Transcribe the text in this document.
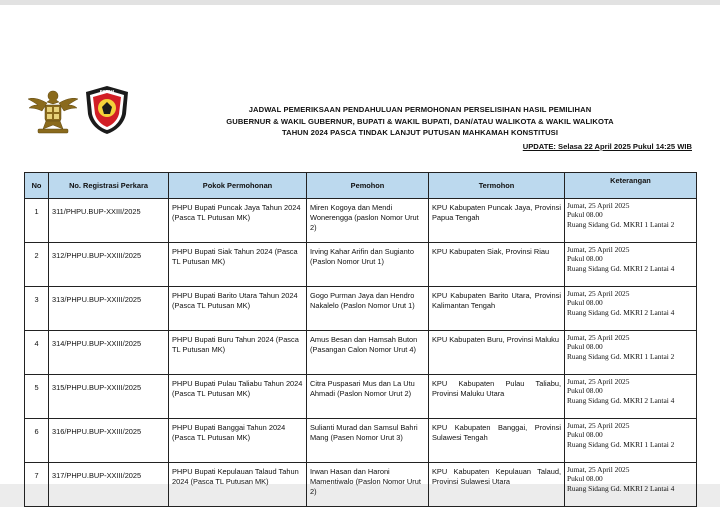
KOMISI
JADWAL PEMERIKSAAN PENDAHULUAN PERMOHONAN PERSELISIHAN HASIL PEMILIHAN
GUBERNUR & WAKIL GUBERNUR, BUPATI & WAKIL BUPATI, DAN/ATAU WALIKOTA & WAKIL WALIKOTA
TAHUN 2024 PASCA TINDAK LANJUT PUTUSAN MAHKAMAH KONSTITUSI
UPDATE: Selasa 22 April 2025 Pukul 14:25 WIB
No	No. Registrasi Perkara	Pokok Permohonan	Pemohon	Termohon	Keterangan
1	311/PHPU.BUP-XXIII/2025	PHPU Bupati Puncak Jaya Tahun 2024 (Pasca TL Putusan MK)	Miren Kogoya dan Mendi Wonerengga (paslon Nomor Urut 2)	KPU Kabupaten Puncak Jaya, Provinsi Papua Tengah	Jumat, 25 April 2025
Pukul 08.00
Ruang Sidang Gd. MKRI 1 Lantai 2

2	312/PHPU.BUP-XXIII/2025	PHPU Bupati Siak Tahun 2024 (Pasca TL Putusan MK)	Irving Kahar Arifin dan Sugianto (Paslon Nomor Urut 1)	KPU Kabupaten Siak, Provinsi Riau	Jumat, 25 April 2025
Pukul 08.00
Ruang Sidang Gd. MKRI 2 Lantai 4

3	313/PHPU.BUP-XXIII/2025	PHPU Bupati Barito Utara Tahun 2024 (Pasca TL Putusan MK)	Gogo Purman Jaya dan Hendro Nakalelo (Paslon Nomor Urut 1)	KPU Kabupaten Barito Utara, Provinsi Kalimantan Tengah	Jumat, 25 April 2025
Pukul 08.00
Ruang Sidang Gd. MKRI 2 Lantai 4

4	314/PHPU.BUP-XXIII/2025	PHPU Bupati Buru Tahun 2024 (Pasca TL Putusan MK)	Amus Besan dan Hamsah Buton (Pasangan Calon Nomor Urut 4)	KPU Kabupaten Buru, Provinsi Maluku	Jumat, 25 April 2025
Pukul 08.00
Ruang Sidang Gd. MKRI 1 Lantai 2

5	315/PHPU.BUP-XXIII/2025	PHPU Bupati Pulau Taliabu Tahun 2024 (Pasca TL Putusan MK)	Citra Puspasari Mus dan La Utu Ahmadi (Paslon Nomor Urut 2)	KPU Kabupaten Pulau Taliabu, Provinsi Maluku Utara	Jumat, 25 April 2025
Pukul 08.00
Ruang Sidang Gd. MKRI 2 Lantai 4

6	316/PHPU.BUP-XXIII/2025	PHPU Bupati Banggai Tahun 2024 (Pasca TL Putusan MK)	Sulianti Murad dan Samsul Bahri Mang (Pasen Nomor Urut 3)	KPU Kabupaten Banggai, Provinsi Sulawesi Tengah	Jumat, 25 April 2025
Pukul 08.00
Ruang Sidang Gd. MKRI 1 Lantai 2

7	317/PHPU.BUP-XXIII/2025	PHPU Bupati Kepulauan Talaud Tahun 2024 (Pasca TL Putusan MK)	Irwan Hasan dan Haroni Mamentiwalo (Paslon Nomor Urut 2)	KPU Kabupaten Kepulauan Talaud, Provinsi Sulawesi Utara	Jumat, 25 April 2025
Pukul 08.00
Ruang Sidang Gd. MKRI 2 Lantai 4
